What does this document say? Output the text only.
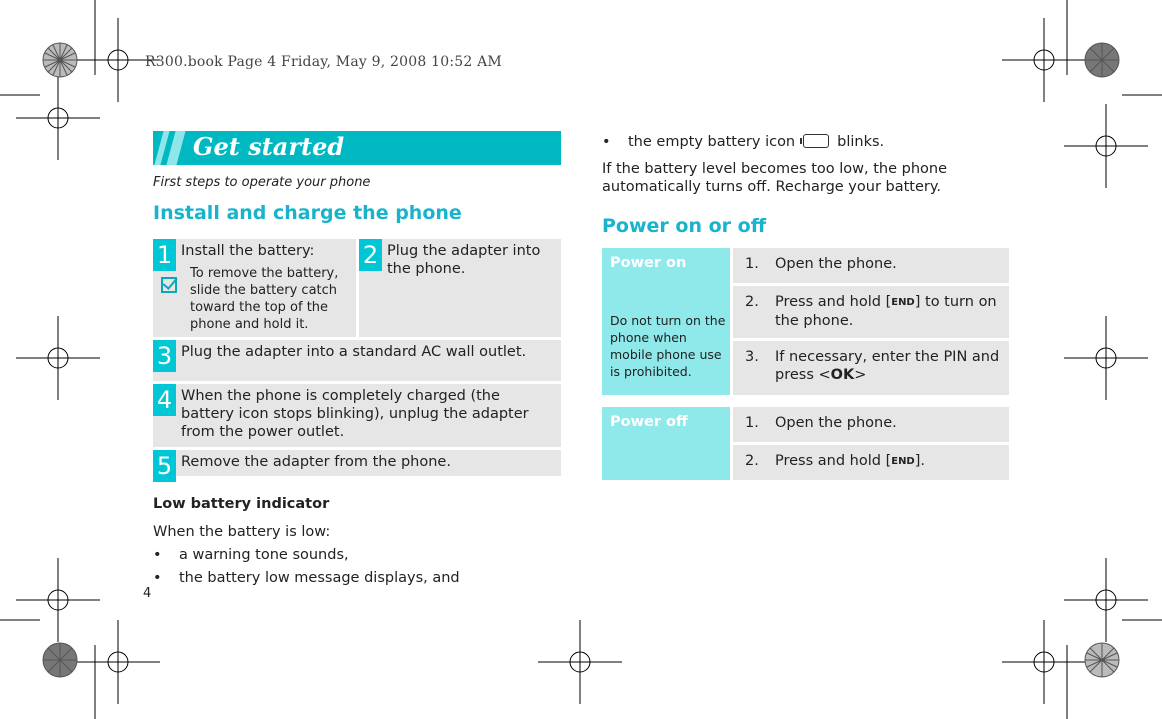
R300.book Page 4 Friday, May 9, 2008 10:52 AM
Get started
First steps to operate your phone
Install and charge the phone
1 Install the battery:
To remove the battery, slide the battery catch toward the top of the phone and hold it.
2 Plug the adapter into the phone.
3 Plug the adapter into a standard AC wall outlet.
4 When the phone is completely charged (the battery icon stops blinking), unplug the adapter from the power outlet.
5 Remove the adapter from the phone.
Low battery indicator
When the battery is low:
• a warning tone sounds,
• the battery low message displays, and
4
• the empty battery icon	blinks.
If the battery level becomes too low, the phone
automatically turns off. Recharge your battery.
Power on or off
Power on
Do not turn on the phone when mobile phone use is prohibited.
1. Open the phone.
2. Press and hold [END] to turn on
the phone.
3. If necessary, enter the PIN and
press <OK>
Power off	1. Open the phone.
2. Press and hold [END].
